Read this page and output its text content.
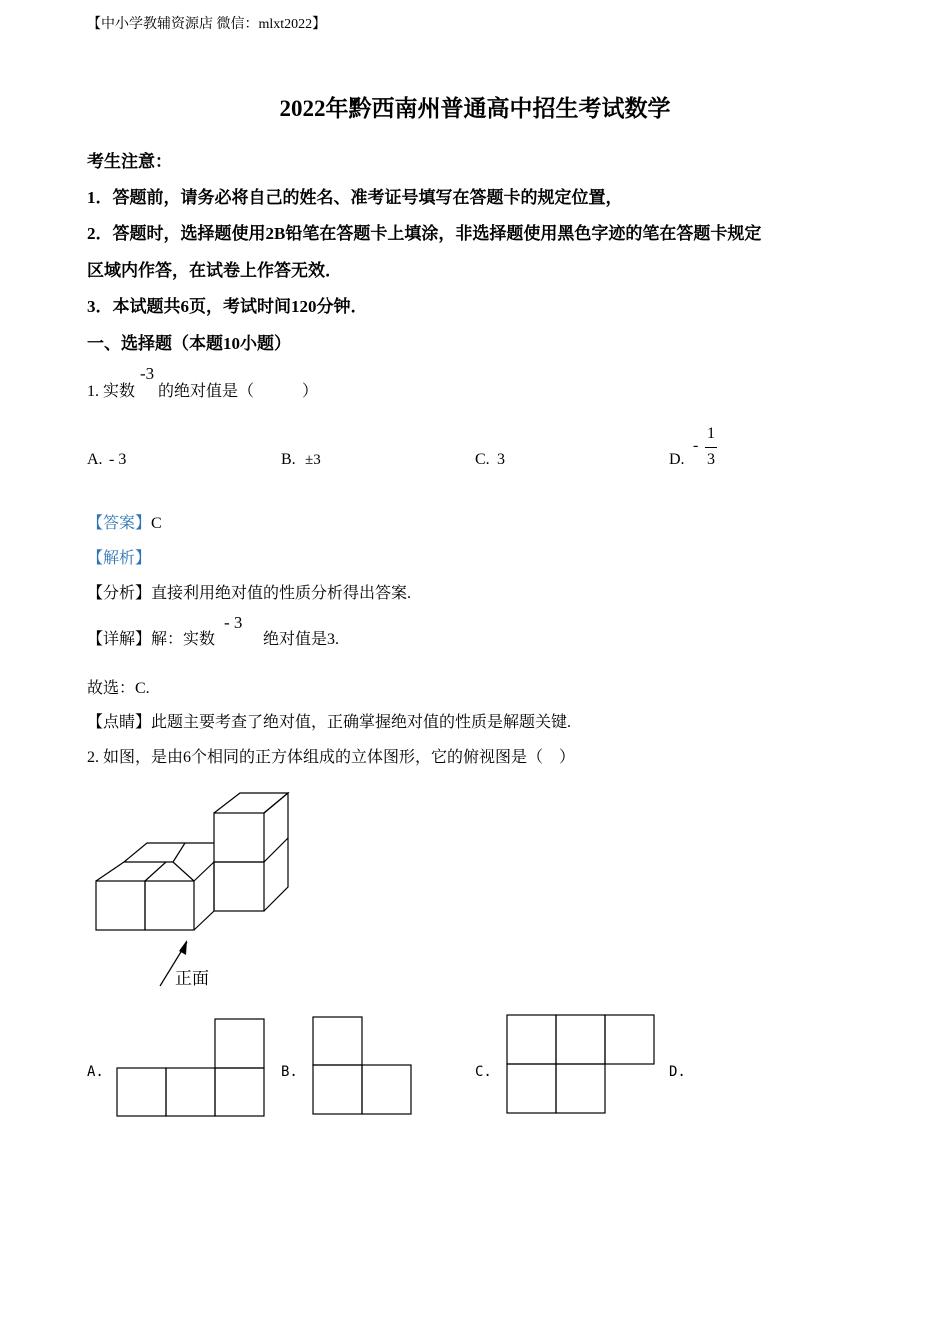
【中小学教辅资源店 微信：mlxt2022】
2022年黔西南州普通高中招生考试数学
考生注意：
1．答题前，请务必将自己的姓名、准考证号填写在答题卡的规定位置，
2．答题时，选择题使用2B铅笔在答题卡上填涂，非选择题使用黑色字迹的笔在答题卡规定
区域内作答，在试卷上作答无效．
3．本试题共6页，考试时间120分钟．
一、选择题（本题10小题）
1. 实数
-3
的绝对值是（　　　）
A. - 3	B. ±3	C. 3	D.
-
1
3
【答案】C
【解析】
【分析】直接利用绝对值的性质分析得出答案.
【详解】解：实数
- 3
绝对值是3.
故选：C.
【点睛】此题主要考查了绝对值，正确掌握绝对值的性质是解题关键.
2. 如图，是由6个相同的正方体组成的立体图形，它的俯视图是（　）
正面
A.	B.	C.	D.
